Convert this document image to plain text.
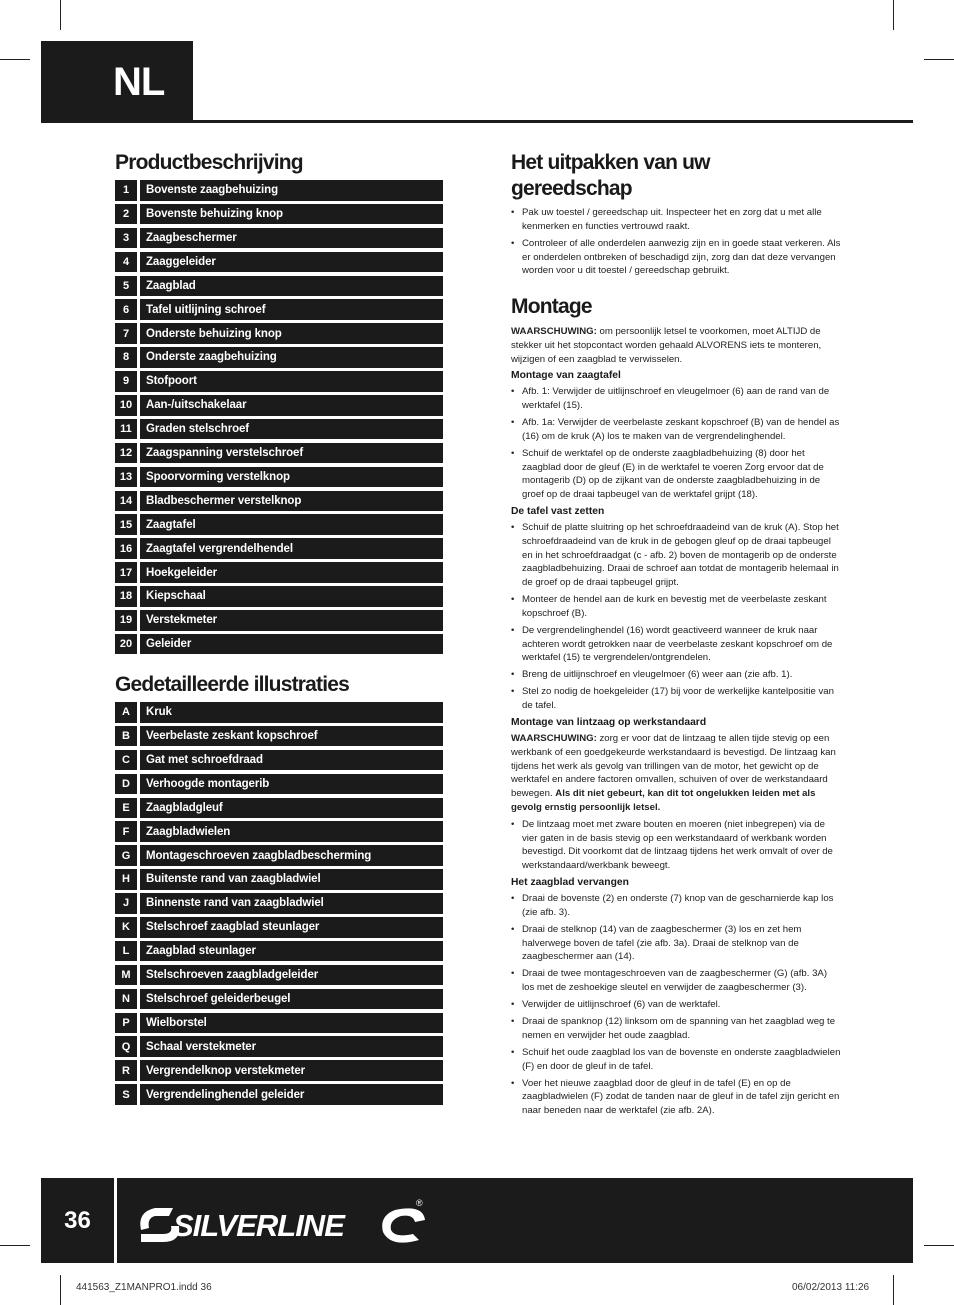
NL
Productbeschrijving
1	Bovenste zaagbehuizing
2	Bovenste behuizing knop
3	Zaagbeschermer
4	Zaaggeleider
5	Zaagblad
6	Tafel uitlijning schroef
7	Onderste behuizing knop
8	Onderste zaagbehuizing
9	Stofpoort
10	Aan-/uitschakelaar
11	Graden stelschroef
12	Zaagspanning verstelschroef
13	Spoorvorming verstelknop
14	Bladbeschermer verstelknop
15	Zaagtafel
16	Zaagtafel vergrendelhendel
17	Hoekgeleider
18	Kiepschaal
19	Verstekmeter
20	Geleider
Gedetailleerde illustraties
A	Kruk
B	Veerbelaste zeskant kopschroef
C	Gat met schroefdraad
D	Verhoogde montagerib
E	Zaagbladgleuf
F	Zaagbladwielen
G	Montageschroeven zaagbladbescherming
H	Buitenste rand van zaagbladwiel
J	Binnenste rand van zaagbladwiel
K	Stelschroef zaagblad steunlager
L	Zaagblad steunlager
M	Stelschroeven zaagbladgeleider
N	Stelschroef geleiderbeugel
P	Wielborstel
Q	Schaal verstekmeter
R	Vergrendelknop verstekmeter
S	Vergrendelinghendel geleider
Het uitpakken van uw
gereedschap
• Pak uw toestel / gereedschap uit. Inspecteer het en zorg dat u met alle kenmerken en functies vertrouwd raakt.
• Controleer of alle onderdelen aanwezig zijn en in goede staat verkeren. Als er onderdelen ontbreken of beschadigd zijn, zorg dan dat deze vervangen worden voor u dit toestel / gereedschap gebruikt.
Montage

WAARSCHUWING: om persoonlijk letsel te voorkomen, moet ALTIJD de stekker uit het stopcontact worden gehaald ALVORENS iets te monteren, wijzigen of een zaagblad te verwisselen.

Montage van zaagtafel
• Afb. 1: Verwijder de uitlijnschroef en vleugelmoer (6) aan de rand van de werktafel (15).
• Afb. 1a: Verwijder de veerbelaste zeskant kopschroef (B) van de hendel as (16) om de kruk (A) los te maken van de vergrendelinghendel.
• Schuif de werktafel op de onderste zaagbladbehuizing (8) door het zaagblad door de gleuf (E) in de werktafel te voeren Zorg ervoor dat de montagerib (D) op de zijkant van de onderste zaagbladbehuizing in de groef op de draai tapbeugel van de werktafel grijpt (18).
De tafel vast zetten
• Schuif de platte sluitring op het schroefdraadeind van de kruk (A). Stop het schroefdraadeind van de kruk in de gebogen gleuf op de draai tapbeugel en in het schroefdraadgat (c - afb. 2) boven de montagerib op de onderste zaagbladbehuizing. Draai de schroef aan totdat de montagerib helemaal in de groef op de draai tapbeugel grijpt.
• Monteer de hendel aan de kurk en bevestig met de veerbelaste zeskant kopschroef (B).
• De vergrendelinghendel (16) wordt geactiveerd wanneer de kruk naar achteren wordt getrokken naar de veerbelaste zeskant kopschroef om de werktafel (15) te vergrendelen/ontgrendelen.
• Breng de uitlijnschroef en vleugelmoer (6) weer aan (zie afb. 1).
• Stel zo nodig de hoekgeleider (17) bij voor de werkelijke kantelpositie van de tafel.
Montage van lintzaag op werkstandaard

WAARSCHUWING: zorg er voor dat de lintzaag te allen tijde stevig op een werkbank of een goedgekeurde werkstandaard is bevestigd. De lintzaag kan tijdens het werk als gevolg van trillingen van de motor, het gewicht op de werktafel en andere factoren omvallen, schuiven of over de werkstandaard bewegen. Als dit niet gebeurt, kan dit tot ongelukken leiden met als gevolg ernstig persoonlijk letsel.

• De lintzaag moet met zware bouten en moeren (niet inbegrepen) via de vier gaten in de basis stevig op een werkstandaard of werkbank worden bevestigd. Dit voorkomt dat de lintzaag tijdens het werk omvalt of over de werkstandaard/werkbank beweegt.
Het zaagblad vervangen
• Draai de bovenste (2) en onderste (7) knop van de gescharnierde kap los (zie afb. 3).
• Draai de stelknop (14) van de zaagbeschermer (3) los en zet hem halverwege boven de tafel (zie afb. 3a). Draai de stelknop van de zaagbeschermer aan (14).
• Draai de twee montageschroeven van de zaagbeschermer (G) (afb. 3A) los met de zeshoekige sleutel en verwijder de zaagbeschermer (3).
• Verwijder de uitlijnschroef (6) van de werktafel.
• Draai de spanknop (12) linksom om de spanning van het zaagblad weg te nemen en verwijder het oude zaagblad.
• Schuif het oude zaagblad los van de bovenste en onderste zaagbladwielen (F) en door de gleuf in de tafel.
• Voer het nieuwe zaagblad door de gleuf in de tafel (E) en op de zaagbladwielen (F) zodat de tanden naar de gleuf in de tafel zijn gericht en naar beneden naar de werktafel (zie afb. 2A).
36	SILVERLINE
®
441563_Z1MANPRO1.indd 36	06/02/2013 11:26
